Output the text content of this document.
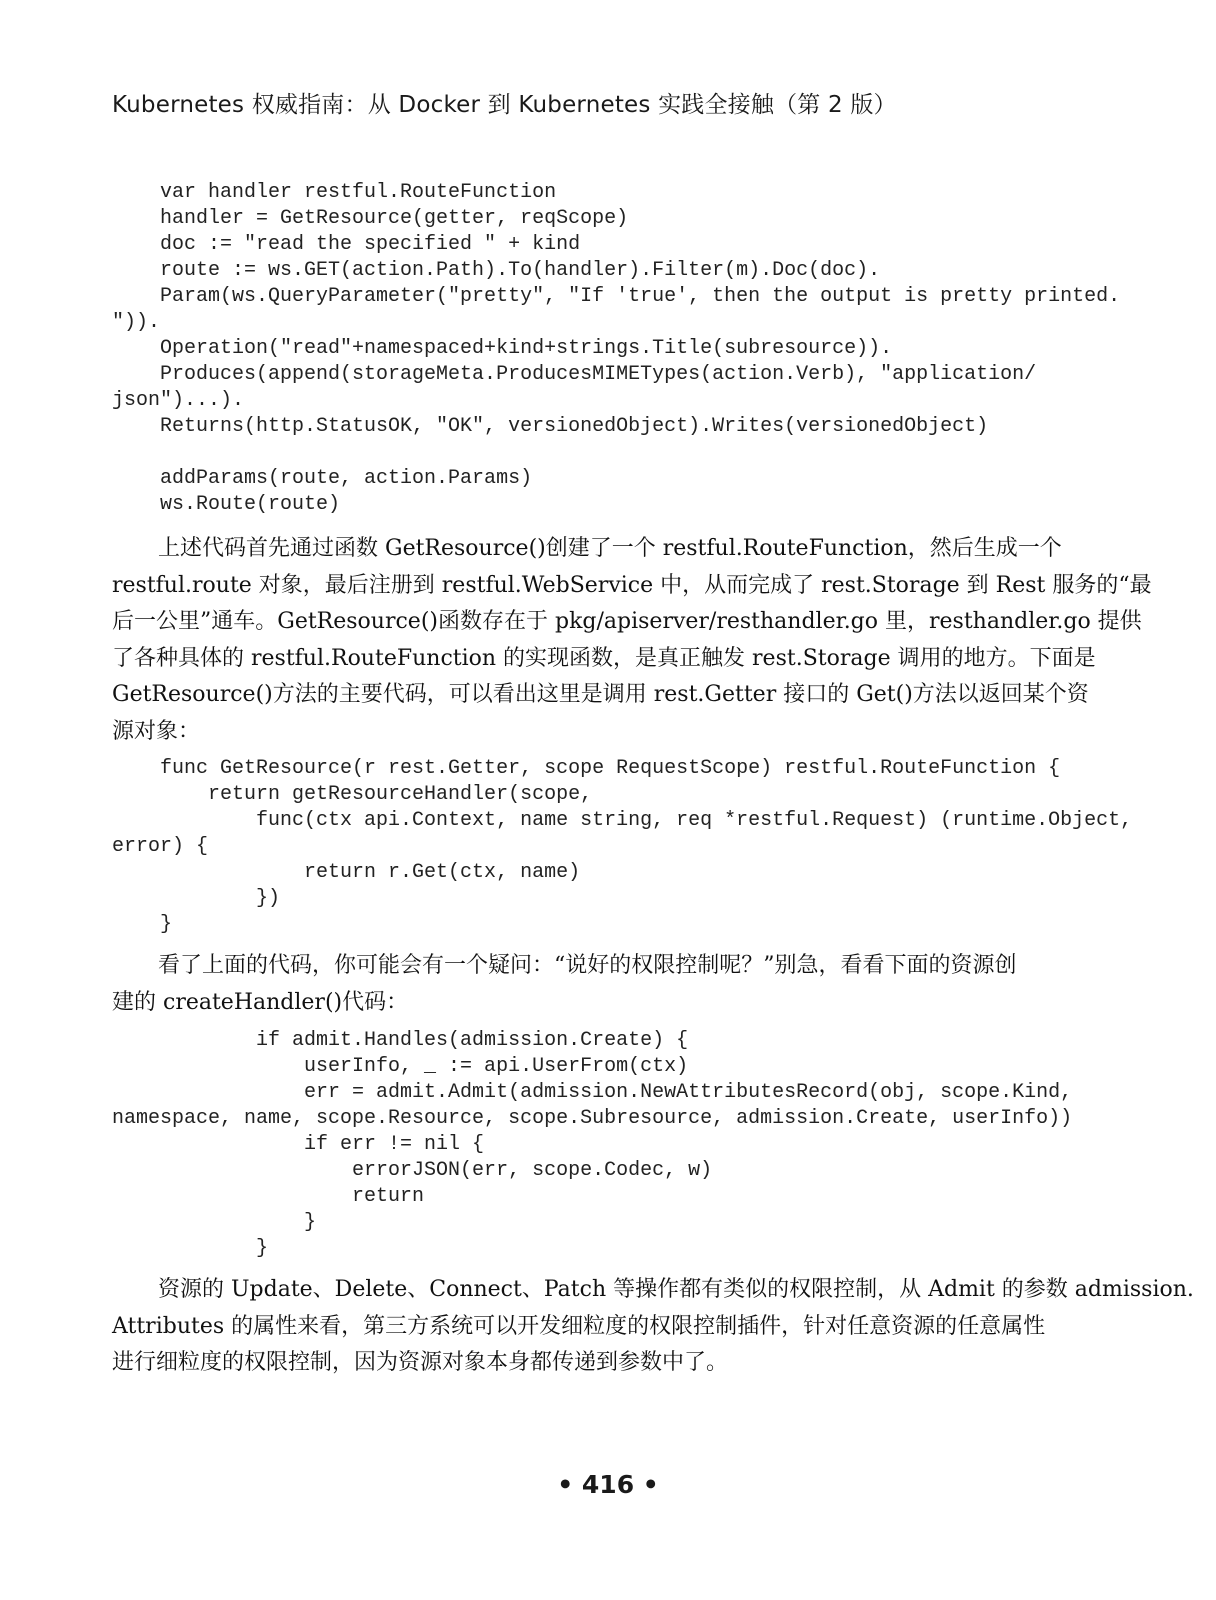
Kubernetes 权威指南：从 Docker 到 Kubernetes 实践全接触（第 2 版）
var handler restful.RouteFunction
handler = GetResource(getter, reqScope)
doc := "read the specified " + kind
route := ws.GET(action.Path).To(handler).Filter(m).Doc(doc).
Param(ws.QueryParameter("pretty", "If 'true', then the output is pretty printed.
")).
Operation("read"+namespaced+kind+strings.Title(subresource)).
Produces(append(storageMeta.ProducesMIMETypes(action.Verb), "application/
json")...).
Returns(http.StatusOK, "OK", versionedObject).Writes(versionedObject)

addParams(route, action.Params)
ws.Route(route)
上述代码首先通过函数 GetResource()创建了一个 restful.RouteFunction，然后生成一个
restful.route 对象，最后注册到 restful.WebService 中，从而完成了 rest.Storage 到 Rest 服务的“最
后一公里”通车。GetResource()函数存在于 pkg/apiserver/resthandler.go 里，resthandler.go 提供
了各种具体的 restful.RouteFunction 的实现函数，是真正触发 rest.Storage 调用的地方。下面是
GetResource()方法的主要代码，可以看出这里是调用 rest.Getter 接口的 Get()方法以返回某个资
源对象：
func GetResource(r rest.Getter, scope RequestScope) restful.RouteFunction {
return getResourceHandler(scope,
func(ctx api.Context, name string, req *restful.Request) (runtime.Object,
error) {
return r.Get(ctx, name)
})
}
看了上面的代码，你可能会有一个疑问：“说好的权限控制呢？”别急，看看下面的资源创
建的 createHandler()代码：
if admit.Handles(admission.Create) {
userInfo, _ := api.UserFrom(ctx)
err = admit.Admit(admission.NewAttributesRecord(obj, scope.Kind,
namespace, name, scope.Resource, scope.Subresource, admission.Create, userInfo))
if err != nil {
errorJSON(err, scope.Codec, w)
return
}
}
资源的 Update、Delete、Connect、Patch 等操作都有类似的权限控制，从 Admit 的参数 admission.
Attributes 的属性来看，第三方系统可以开发细粒度的权限控制插件，针对任意资源的任意属性
进行细粒度的权限控制，因为资源对象本身都传递到参数中了。
• 416 •
